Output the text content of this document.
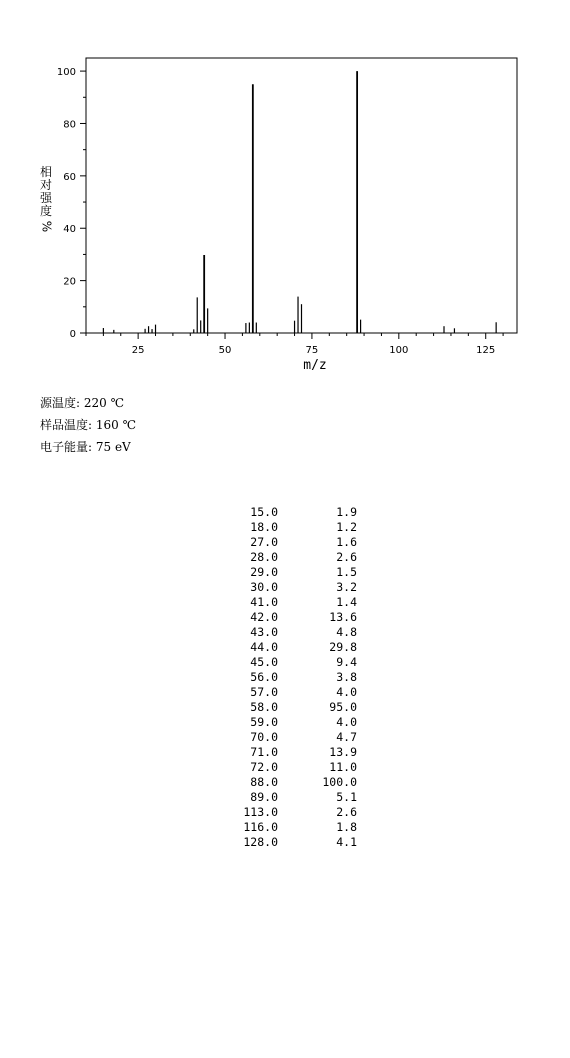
0
20
40
60
80
100
25	50	75	100	125
相
对
强
度
%
m/z
源温度: 220 ℃
样品温度: 160 ℃
电子能量: 75 eV
15.0	1.9
18.0	1.2
27.0	1.6
28.0	2.6
29.0	1.5
30.0	3.2
41.0	1.4
42.0	13.6
43.0	4.8
44.0	29.8
45.0	9.4
56.0	3.8
57.0	4.0
58.0	95.0
59.0	4.0
70.0	4.7
71.0	13.9
72.0	11.0
88.0	100.0
89.0	5.1
113.0	2.6
116.0	1.8
128.0	4.1
